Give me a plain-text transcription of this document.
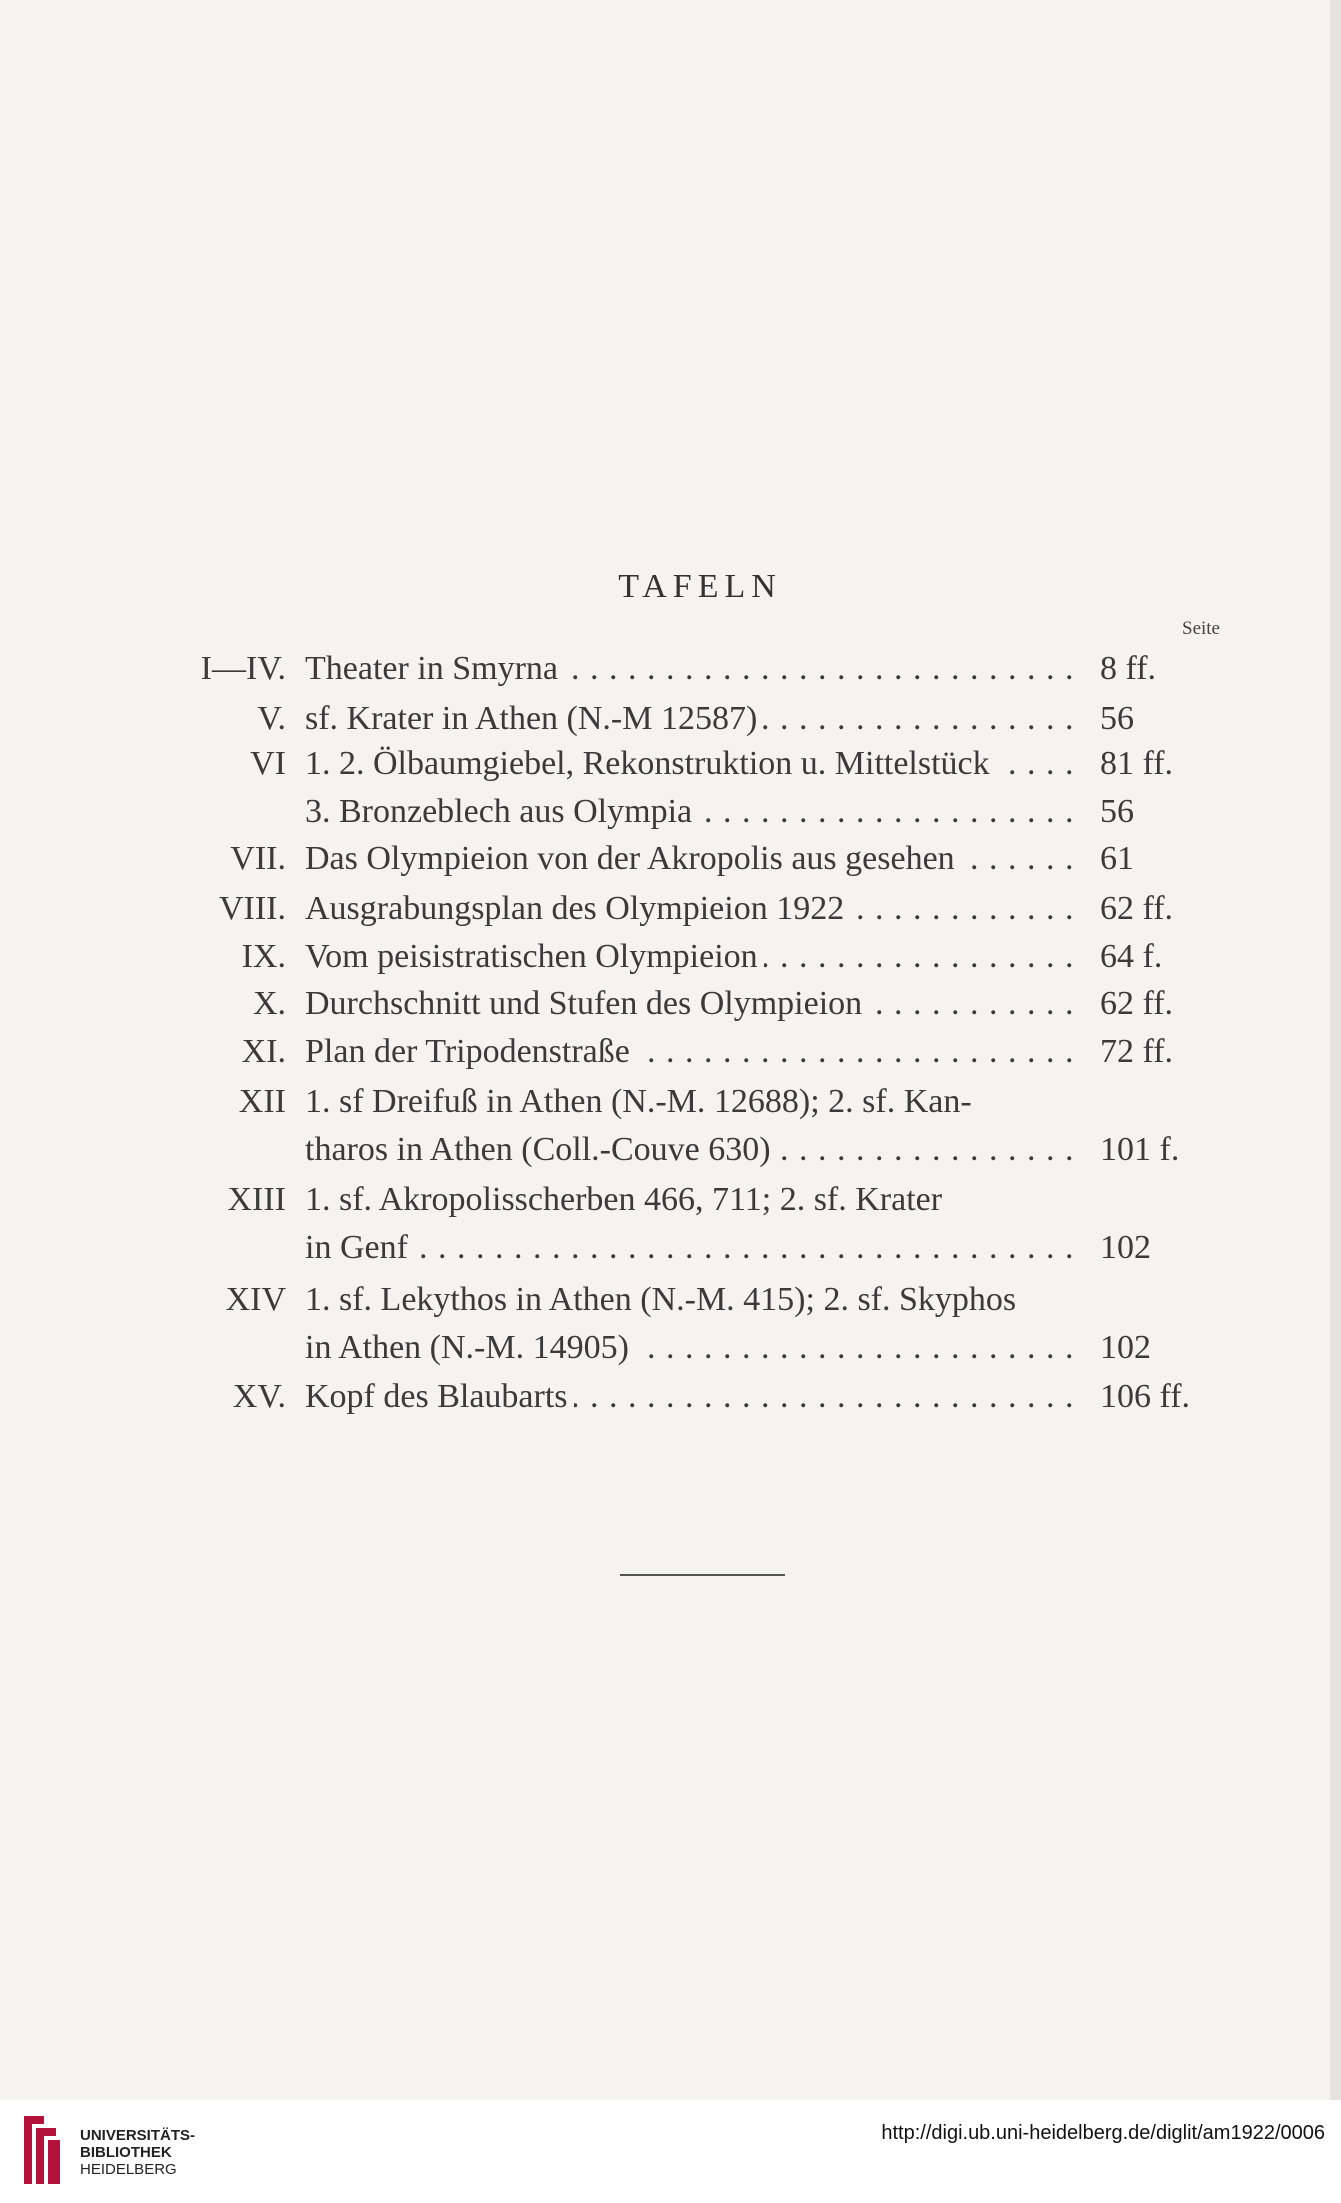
TAFELN
Seite
I—IV. Theater in Smyrna . . .	8 ff.
V. sf. Krater in Athen (N.-M 12587) . . .	56
VI 1. 2. Ölbaumgiebel, Rekonstruktion u. Mittelstück . . .	81 ff.
3. Bronzeblech aus Olympia . . .	56
VII. Das Olympieion von der Akropolis aus gesehen . . .	61
VIII. Ausgrabungsplan des Olympieion 1922 . . .	62 ff.
IX. Vom peisistratischen Olympieion . . .	64 f.
X. Durchschnitt und Stufen des Olympieion . . .	62 ff.
XI. Plan der Tripodenstraße . . .	72 ff.
XII 1. sf Dreifuß in Athen (N.-M. 12688); 2. sf. Kan-
tharos in Athen (Coll.-Couve 630) . . .	101 f.
XIII 1. sf. Akropolisscherben 466, 711; 2. sf. Krater
in Genf . . .	102
XIV 1. sf. Lekythos in Athen (N.-M. 415); 2. sf. Skyphos
in Athen (N.-M. 14905) . . .	102
XV. Kopf des Blaubarts . . .	106 ff.
UNIVERSITÄTS-
BIBLIOTHEK
HEIDELBERG
http://digi.ub.uni-heidelberg.de/diglit/am1922/0006
